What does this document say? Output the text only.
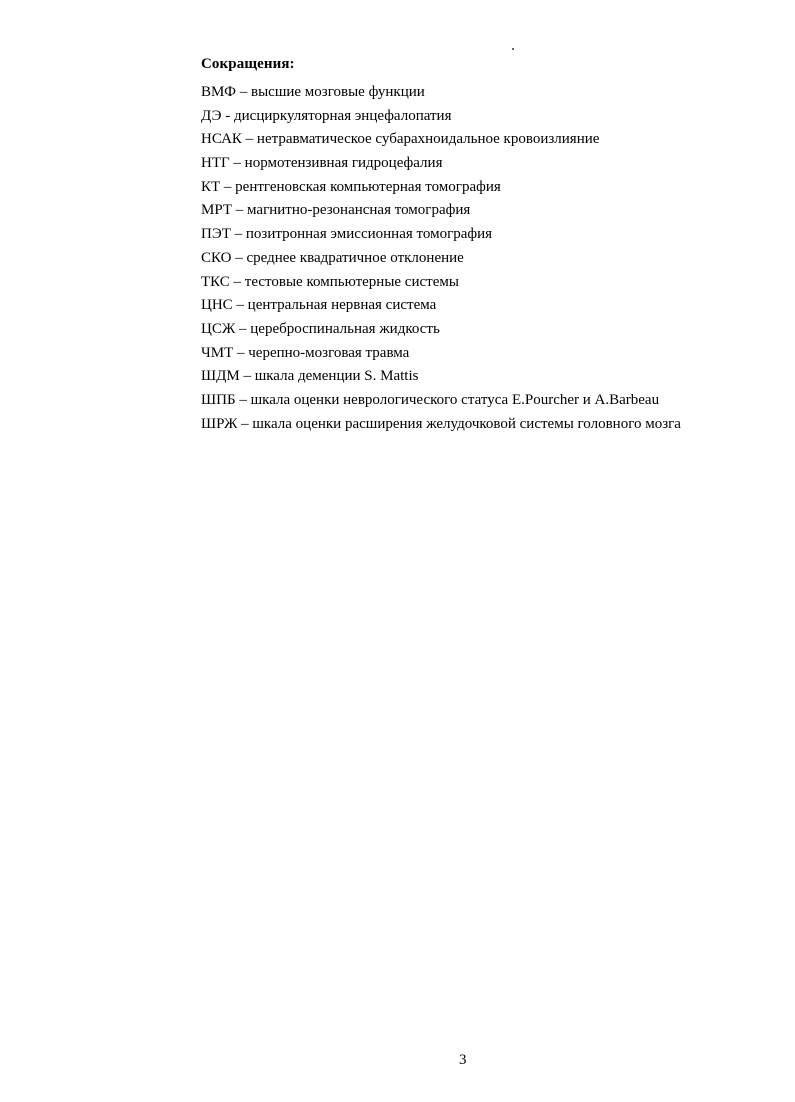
Сокращения:
ВМФ – высшие мозговые функции
ДЭ - дисциркуляторная энцефалопатия
НСАК – нетравматическое субарахноидальное кровоизлияние
НТГ – нормотензивная гидроцефалия
КТ – рентгеновская компьютерная томография
МРТ – магнитно-резонансная томография
ПЭТ – позитронная эмиссионная томография
СКО – среднее квадратичное отклонение
ТКС – тестовые компьютерные системы
ЦНС – центральная нервная система
ЦСЖ – цереброспинальная жидкость
ЧМТ – черепно-мозговая травма
ШДМ – шкала деменции S. Mattis
ШПБ – шкала оценки неврологического статуса E.Pourcher и A.Barbeau
ШРЖ – шкала оценки расширения желудочковой системы головного мозга
3
